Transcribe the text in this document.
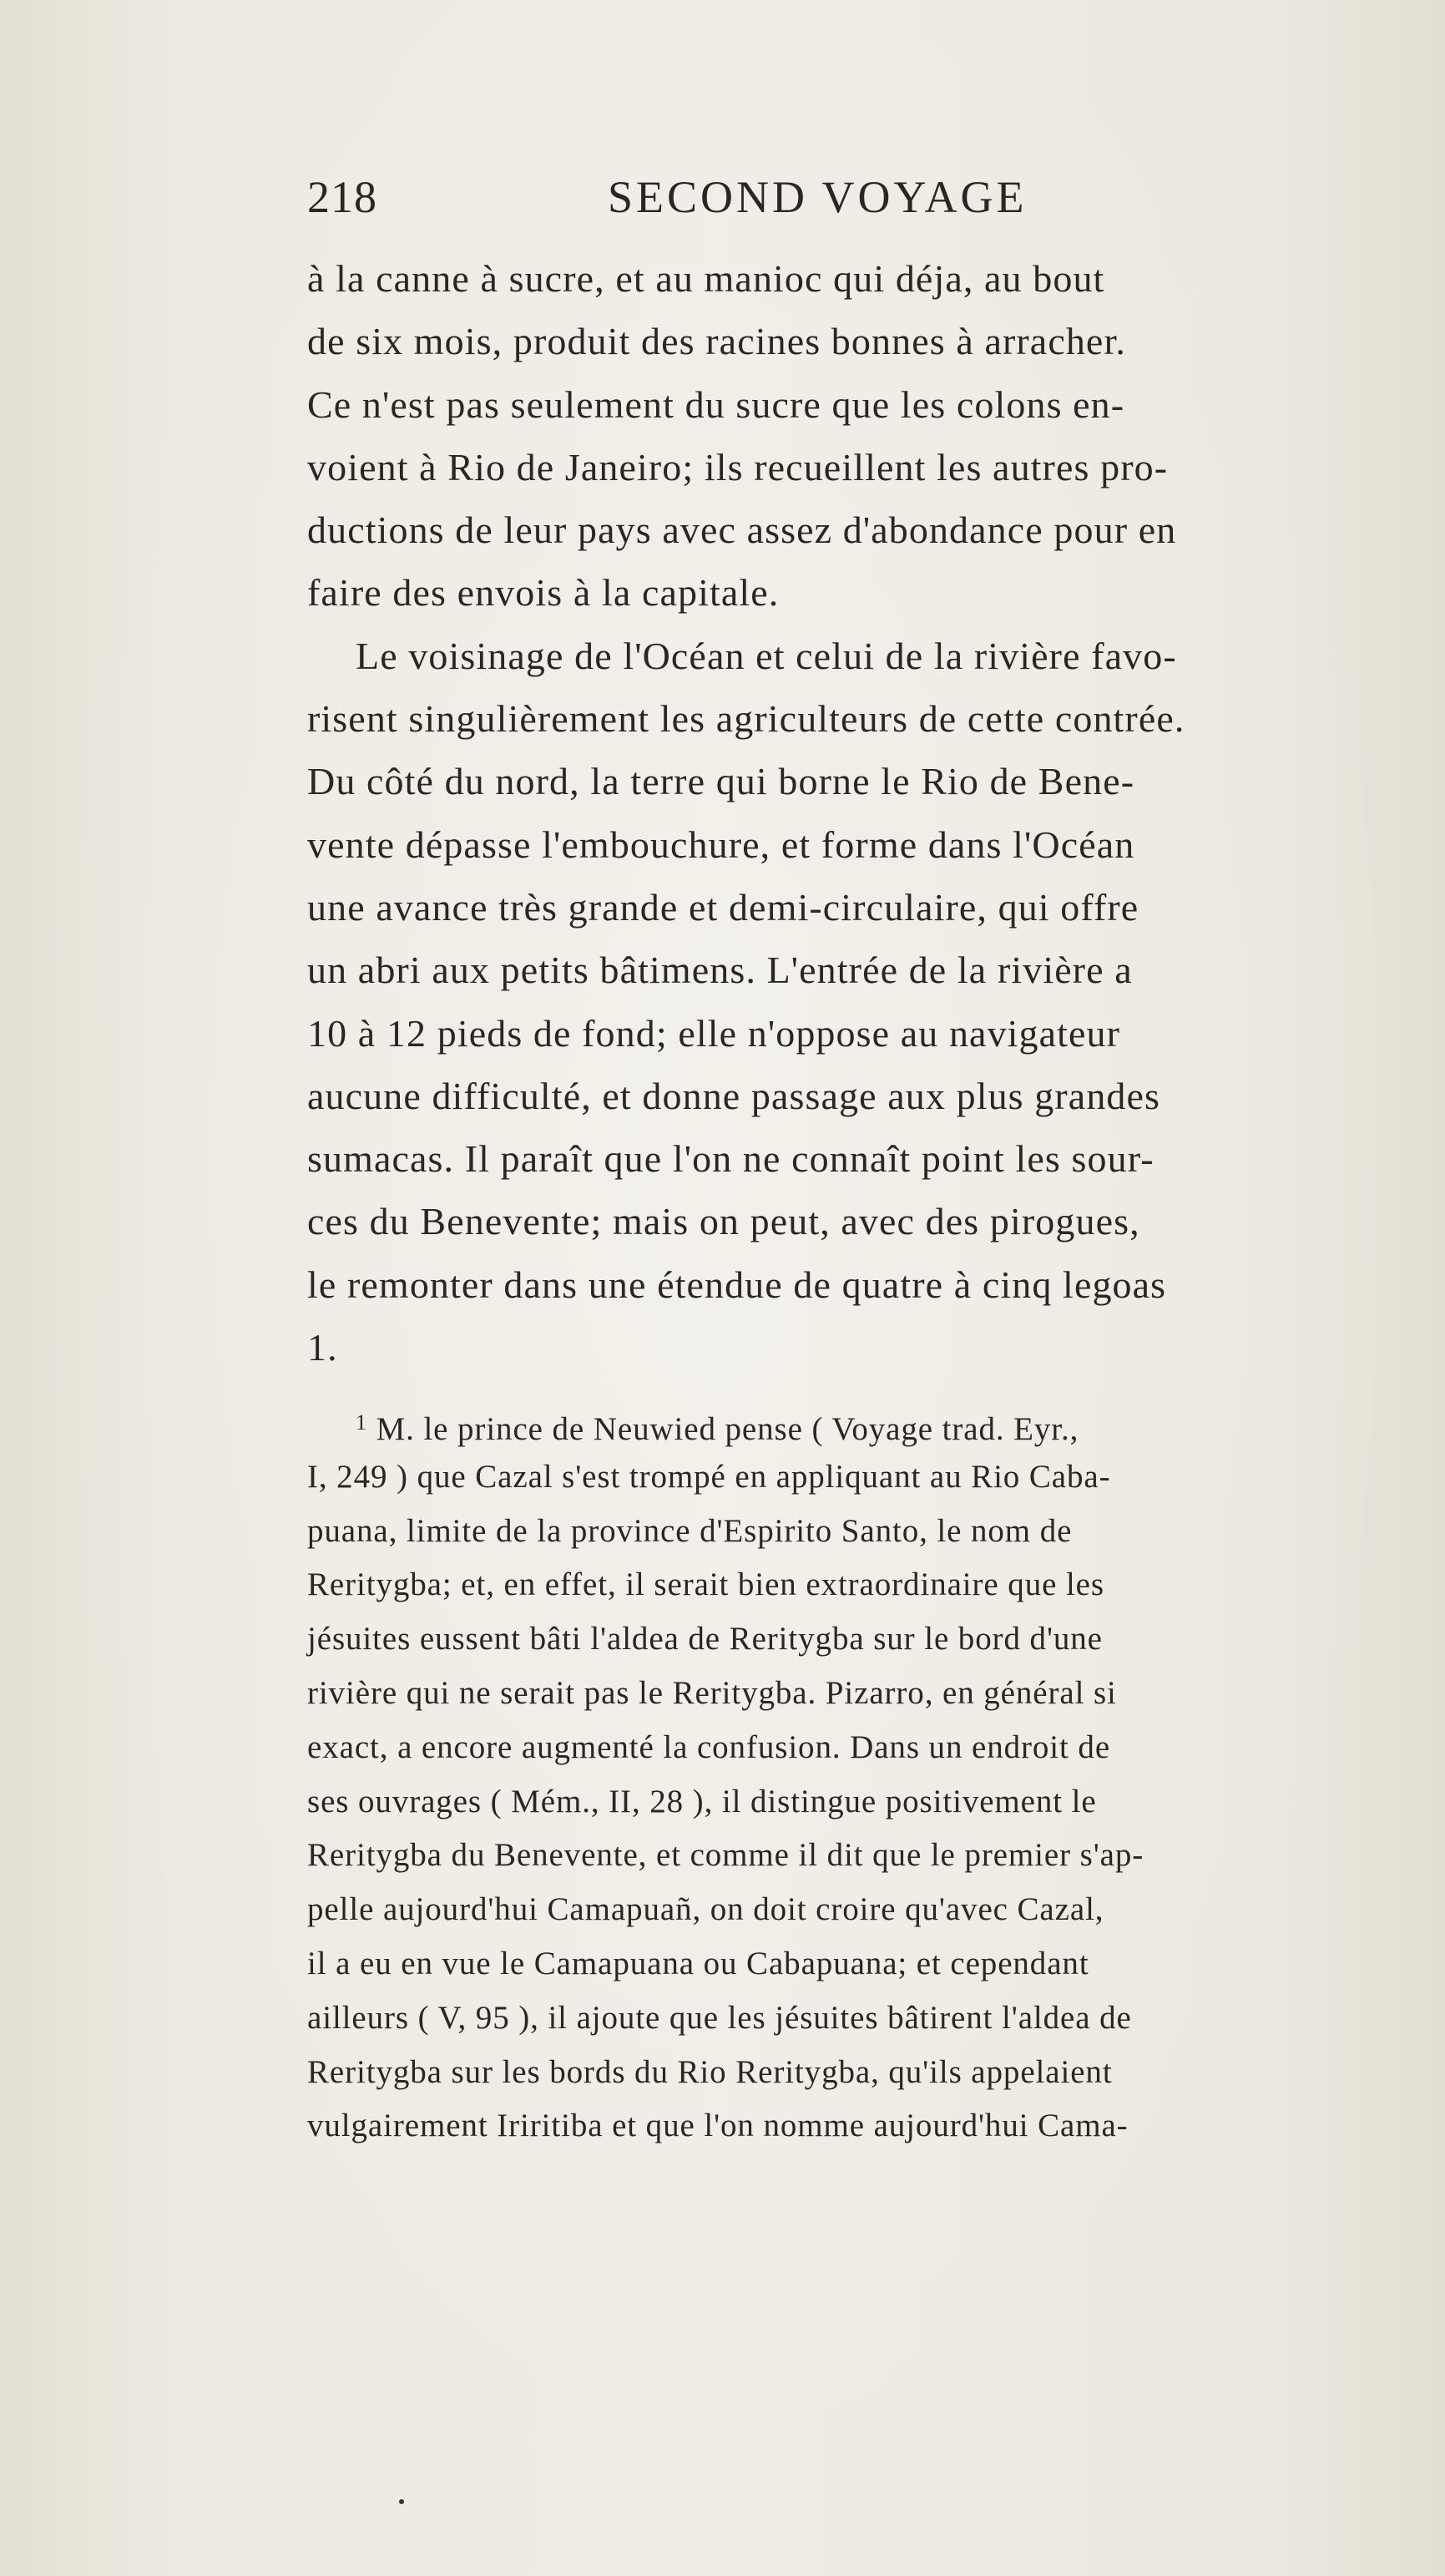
218	SECOND VOYAGE
à la canne à sucre, et au manioc qui déja, au bout
de six mois, produit des racines bonnes à arracher.
Ce n'est pas seulement du sucre que les colons en-
voient à Rio de Janeiro; ils recueillent les autres pro-
ductions de leur pays avec assez d'abondance pour en
faire des envois à la capitale.
Le voisinage de l'Océan et celui de la rivière favo-
risent singulièrement les agriculteurs de cette contrée.
Du côté du nord, la terre qui borne le Rio de Bene-
vente dépasse l'embouchure, et forme dans l'Océan
une avance très grande et demi-circulaire, qui offre
un abri aux petits bâtimens. L'entrée de la rivière a
10 à 12 pieds de fond; elle n'oppose au navigateur
aucune difficulté, et donne passage aux plus grandes
sumacas. Il paraît que l'on ne connaît point les sour-
ces du Benevente; mais on peut, avec des pirogues,
le remonter dans une étendue de quatre à cinq legoas
1.
$^1$ M. le prince de Neuwied pense ( Voyage trad. Eyr.,
I, 249 ) que Cazal s'est trompé en appliquant au Rio Caba-
puana, limite de la province d'Espirito Santo, le nom de
Reritygba; et, en effet, il serait bien extraordinaire que les
jésuites eussent bâti l'aldea de Reritygba sur le bord d'une
rivière qui ne serait pas le Reritygba. Pizarro, en général si
exact, a encore augmenté la confusion. Dans un endroit de
ses ouvrages ( Mém., II, 28 ), il distingue positivement le
Reritygba du Benevente, et comme il dit que le premier s'ap-
pelle aujourd'hui Camapuañ, on doit croire qu'avec Cazal,
il a eu en vue le Camapuana ou Cabapuana; et cependant
ailleurs ( V, 95 ), il ajoute que les jésuites bâtirent l'aldea de
Reritygba sur les bords du Rio Reritygba, qu'ils appelaient
vulgairement Iriritiba et que l'on nomme aujourd'hui Cama-
